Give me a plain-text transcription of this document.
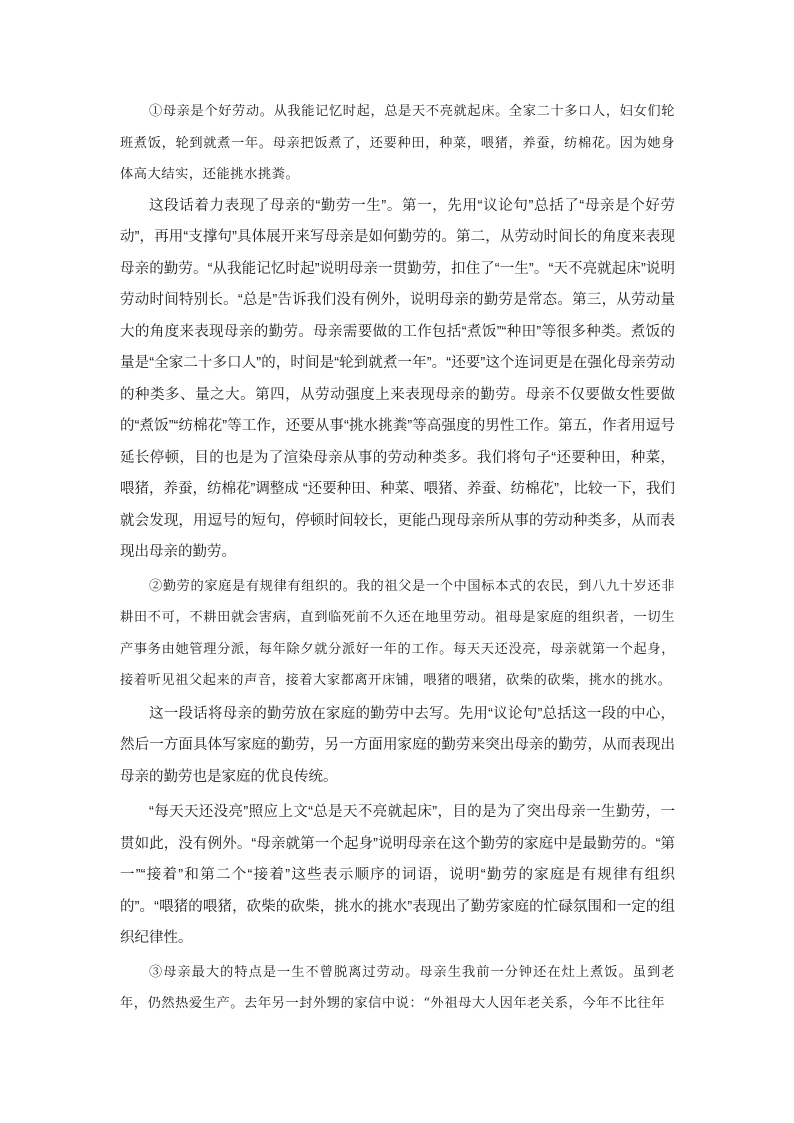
①母亲是个好劳动。从我能记忆时起，总是天不亮就起床。全家二十多口人，妇女们轮班煮饭，轮到就煮一年。母亲把饭煮了，还要种田，种菜，喂猪，养蚕，纺棉花。因为她身体高大结实，还能挑水挑粪。

这段话着力表现了母亲的“勤劳一生”。第一，先用“议论句”总括了“母亲是个好劳动”，再用“支撑句”具体展开来写母亲是如何勤劳的。第二，从劳动时间长的角度来表现母亲的勤劳。“从我能记忆时起”说明母亲一贯勤劳，扣住了“一生”。“天不亮就起床”说明劳动时间特别长。“总是”告诉我们没有例外，说明母亲的勤劳是常态。第三，从劳动量大的角度来表现母亲的勤劳。母亲需要做的工作包括“煮饭”“种田”等很多种类。煮饭的量是“全家二十多口人”的，时间是“轮到就煮一年”。“还要”这个连词更是在强化母亲劳动的种类多、量之大。第四，从劳动强度上来表现母亲的勤劳。母亲不仅要做女性要做的“煮饭”“纺棉花”等工作，还要从事“挑水挑粪”等高强度的男性工作。第五，作者用逗号延长停顿，目的也是为了渲染母亲从事的劳动种类多。我们将句子“还要种田，种菜，喂猪，养蚕，纺棉花”调整成 “还要种田、种菜、喂猪、养蚕、纺棉花”，比较一下，我们就会发现，用逗号的短句，停顿时间较长，更能凸现母亲所从事的劳动种类多，从而表现出母亲的勤劳。

②勤劳的家庭是有规律有组织的。我的祖父是一个中国标本式的农民，到八九十岁还非耕田不可，不耕田就会害病，直到临死前不久还在地里劳动。祖母是家庭的组织者，一切生产事务由她管理分派，每年除夕就分派好一年的工作。每天天还没亮，母亲就第一个起身，接着听见祖父起来的声音，接着大家都离开床铺，喂猪的喂猪，砍柴的砍柴，挑水的挑水。

这一段话将母亲的勤劳放在家庭的勤劳中去写。先用“议论句”总括这一段的中心，然后一方面具体写家庭的勤劳，另一方面用家庭的勤劳来突出母亲的勤劳，从而表现出母亲的勤劳也是家庭的优良传统。

“每天天还没亮”照应上文“总是天不亮就起床”，目的是为了突出母亲一生勤劳，一贯如此，没有例外。“母亲就第一个起身”说明母亲在这个勤劳的家庭中是最勤劳的。“第一”“接着”和第二个“接着”这些表示顺序的词语，说明“勤劳的家庭是有规律有组织的”。“喂猪的喂猪，砍柴的砍柴，挑水的挑水”表现出了勤劳家庭的忙碌氛围和一定的组织纪律性。

③母亲最大的特点是一生不曾脱离过劳动。母亲生我前一分钟还在灶上煮饭。虽到老年，仍然热爱生产。去年另一封外甥的家信中说：“外祖母大人因年老关系，今年不比往年
